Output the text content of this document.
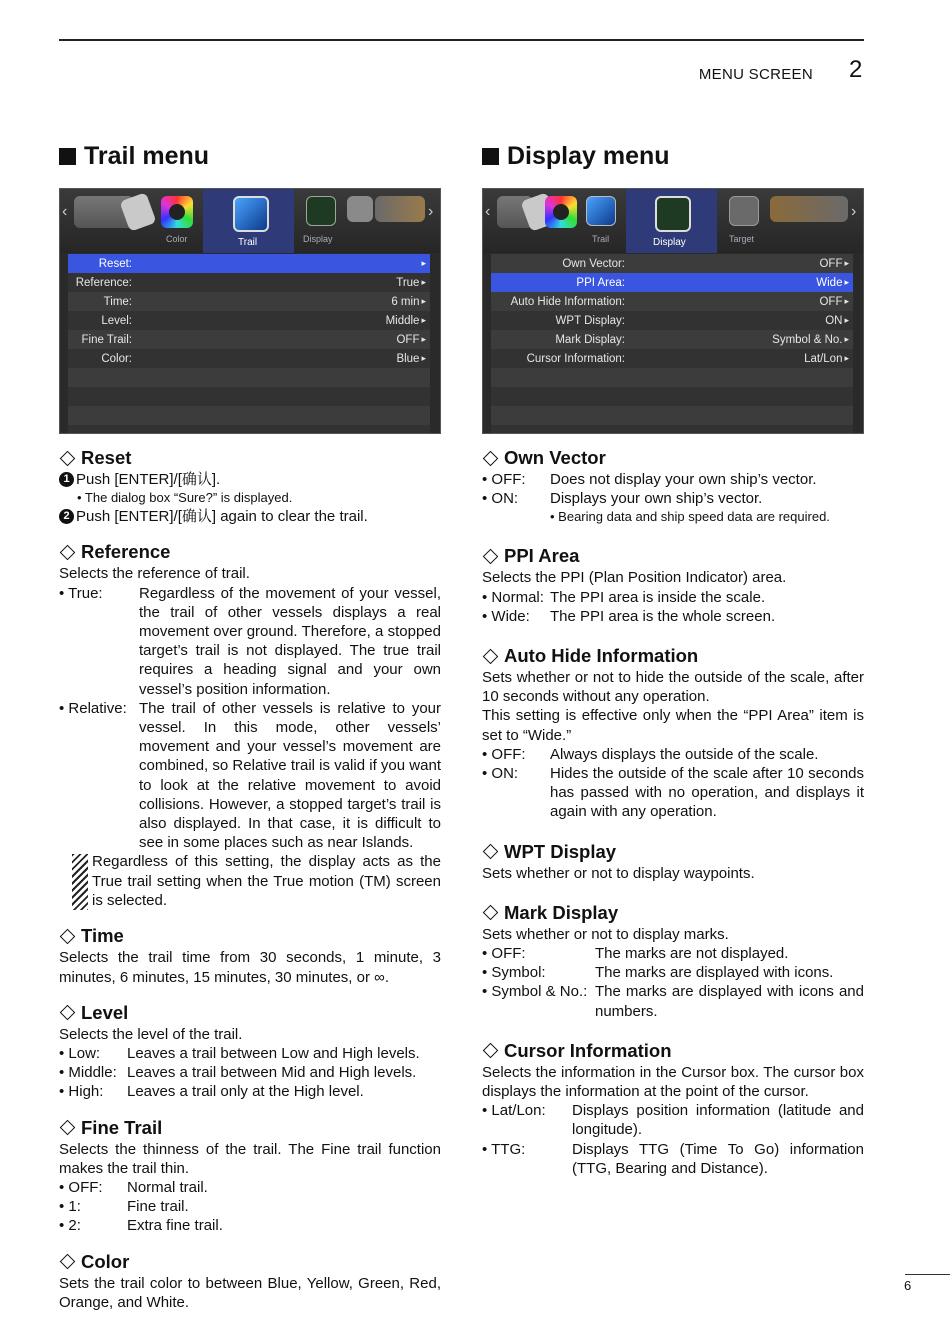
MENU SCREEN 2
Trail menu
‹
Color	Trail	Display
›
Reset:
▸
Reference:	True ▸
Time:	6 min ▸
Level:	Middle ▸
Fine Trail:	OFF ▸
Color:	Blue ▸
Reset
1 Push [ENTER]/[确认].
• The dialog box “Sure?” is displayed.
2 Push [ENTER]/[确认] again to clear the trail.
Reference

Selects the reference of trail.

• True:	Regardless of the movement of your vessel, the trail of other vessels displays a real movement over ground. Therefore, a stopped target’s trail is not displayed. The true trail requires a heading signal and your own vessel’s position information.
• Relative: The trail of other vessels is relative to your vessel. In this mode, other vessels’ movement and your vessel’s movement are combined, so Relative trail is valid if you want to look at the relative movement to avoid collisions. However, a stopped target’s trail is also displayed. In that case, it is difficult to see in some places such as near Islands.
Regardless of this setting, the display acts as the True trail setting when the True motion (TM) screen is selected.
Time

Selects the trail time from 30 seconds, 1 minute, 3 minutes, 6 minutes, 15 minutes, 30 minutes, or ∞.

Level

Selects the level of the trail.

• Low:	Leaves a trail between Low and High levels.
• Middle: Leaves a trail between Mid and High levels.
• High:	Leaves a trail only at the High level.
Fine Trail

Selects the thinness of the trail. The Fine trail function makes the trail thin.

• OFF:	Normal trail.
• 1:	Fine trail.
• 2:	Extra fine trail.
Color

Sets the trail color to between Blue, Yellow, Green, Red, Orange, and White.

Display menu
‹
Trail	Display	Target
›
Own Vector:	OFF ▸
PPI Area:	Wide ▸
Auto Hide Information:	OFF ▸
WPT Display:	ON ▸
Mark Display:	Symbol & No. ▸
Cursor Information:	Lat/Lon ▸
Own Vector
• OFF:	Does not display your own ship’s vector.
• ON:	Displays your own ship’s vector.
• Bearing data and ship speed data are required.
PPI Area

Selects the PPI (Plan Position Indicator) area.

• Normal: The PPI area is inside the scale.
• Wide:	The PPI area is the whole screen.
Auto Hide Information

Sets whether or not to hide the outside of the scale, after 10 seconds without any operation.

This setting is effective only when the “PPI Area” item is set to “Wide.”

• OFF:	Always displays the outside of the scale.
• ON:	Hides the outside of the scale after 10 seconds has passed with no operation, and displays it again with any operation.
WPT Display

Sets whether or not to display waypoints.

Mark Display

Sets whether or not to display marks.

• OFF:	The marks are not displayed.
• Symbol:	The marks are displayed with icons.
• Symbol & No.: The marks are displayed with icons and numbers.
Cursor Information

Selects the information in the Cursor box. The cursor box displays the information at the point of the cursor.

• Lat/Lon:	Displays position information (latitude and longitude).
• TTG:	Displays TTG (Time To Go) information (TTG, Bearing and Distance).
6
